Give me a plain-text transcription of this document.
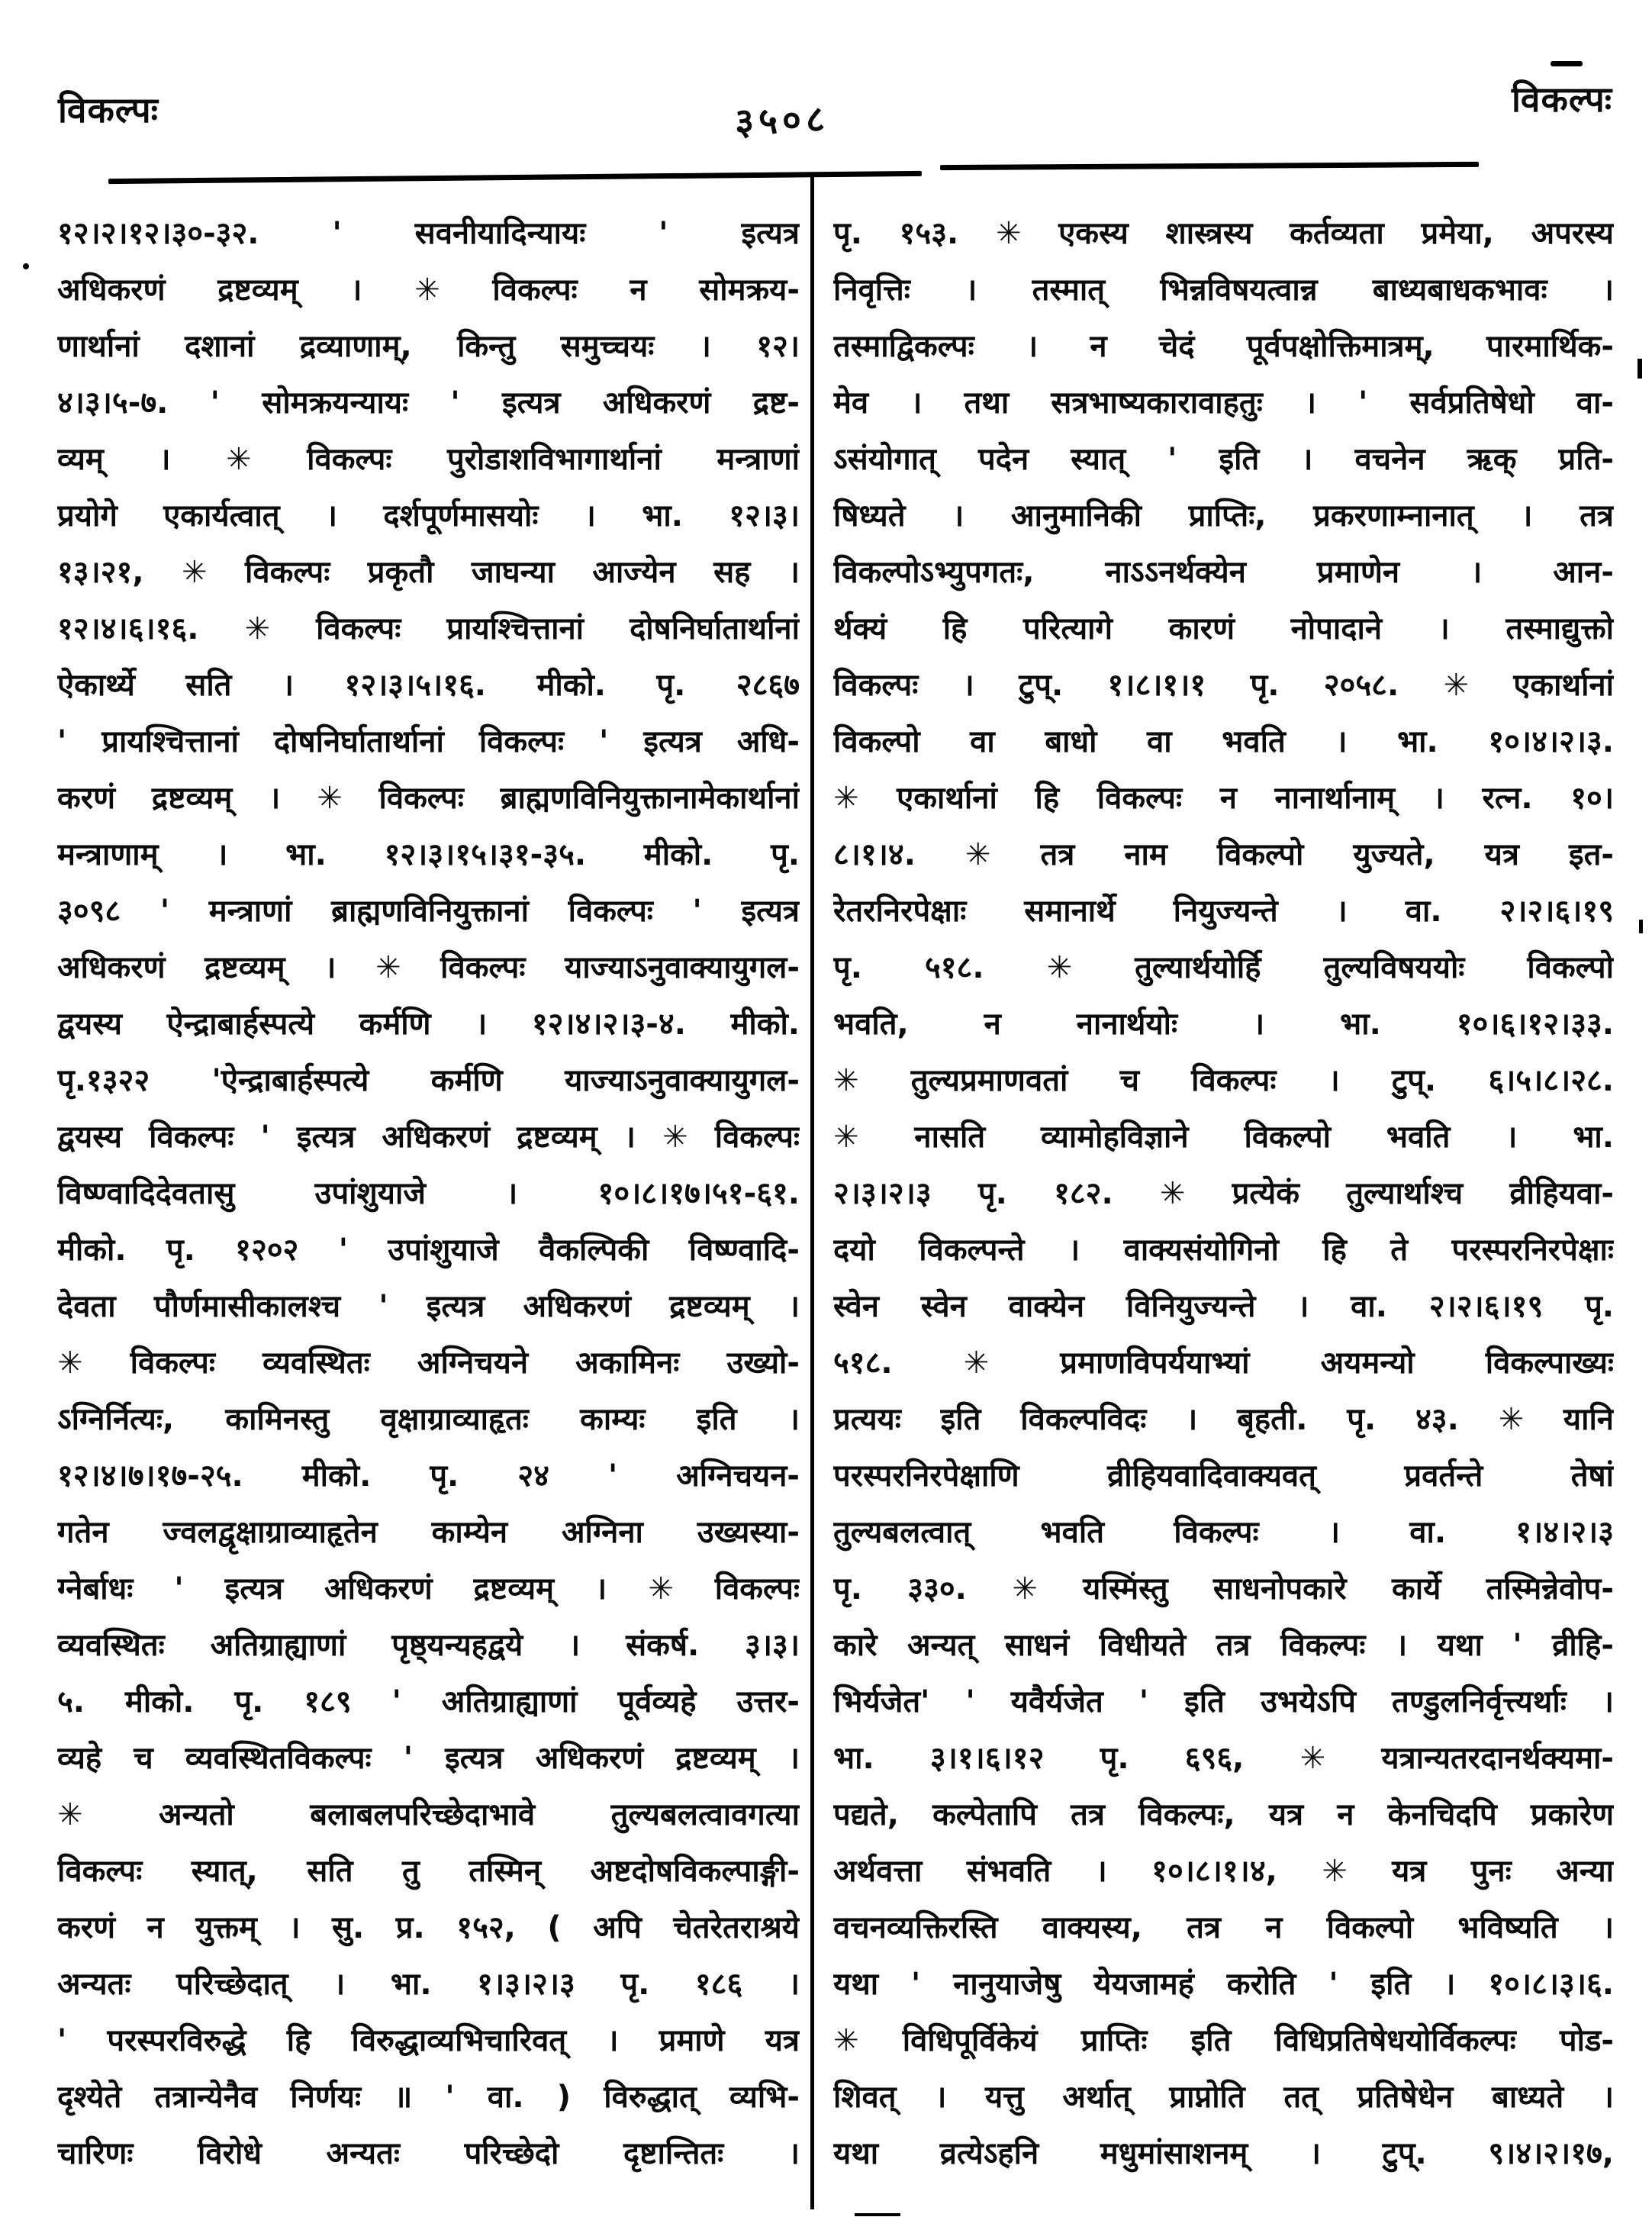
विकल्पः	३५०८	विकल्पः
१२।२।१२।३०-३२. ' सवनीयादिन्यायः ' इत्यत्र
अधिकरणं द्रष्टव्यम् । ✳ विकल्पः न सोमक्रय-
णार्थानां दशानां द्रव्याणाम्, किन्तु समुच्चयः । १२।
४।३।५-७. ' सोमक्रयन्यायः ' इत्यत्र अधिकरणं द्रष्ट-
व्यम् । ✳ विकल्पः पुरोडाशविभागार्थानां मन्त्राणां
प्रयोगे एकार्यत्वात् । दर्शपूर्णमासयोः । भा. १२।३।
१३।२१, ✳ विकल्पः प्रकृतौ जाघन्या आज्येन सह ।
१२।४।६।१६. ✳ विकल्पः प्रायश्चित्तानां दोषनिर्घातार्थानां
ऐकार्थ्ये सति । १२।३।५।१६. मीको. पृ. २८६७
' प्रायश्चित्तानां दोषनिर्घातार्थानां विकल्पः ' इत्यत्र अधि-
करणं द्रष्टव्यम् । ✳ विकल्पः ब्राह्मणविनियुक्तानामेकार्थानां
मन्त्राणाम् । भा. १२।३।१५।३१-३५. मीको. पृ.
३०९८ ' मन्त्राणां ब्राह्मणविनियुक्तानां विकल्पः ' इत्यत्र
अधिकरणं द्रष्टव्यम् । ✳ विकल्पः याज्याऽनुवाक्यायुगल-
द्वयस्य ऐन्द्राबार्हस्पत्ये कर्मणि । १२।४।२।३-४. मीको.
पृ.१३२२ 'ऐन्द्राबार्हस्पत्ये कर्मणि याज्याऽनुवाक्यायुगल-
द्वयस्य विकल्पः ' इत्यत्र अधिकरणं द्रष्टव्यम् । ✳ विकल्पः
विष्ण्वादिदेवतासु उपांशुयाजे । १०।८।१७।५१-६१.
मीको. पृ. १२०२ ' उपांशुयाजे वैकल्पिकी विष्ण्वादि-
देवता पौर्णमासीकालश्च ' इत्यत्र अधिकरणं द्रष्टव्यम् ।
✳ विकल्पः व्यवस्थितः अग्निचयने अकामिनः उख्यो-
ऽग्निर्नित्यः, कामिनस्तु वृक्षाग्राव्याहृतः काम्यः इति ।
१२।४।७।१७-२५. मीको. पृ. २४ ' अग्निचयन-
गतेन ज्वलद्वृक्षाग्राव्याहृतेन काम्येन अग्निना उख्यस्या-
ग्नेर्बाधः ' इत्यत्र अधिकरणं द्रष्टव्यम् । ✳ विकल्पः
व्यवस्थितः अतिग्राह्याणां पृष्ठ्यन्यहद्वये । संकर्ष. ३।३।
५. मीको. पृ. १८९ ' अतिग्राह्याणां पूर्वव्यहे उत्तर-
व्यहे च व्यवस्थितविकल्पः ' इत्यत्र अधिकरणं द्रष्टव्यम् ।
✳ अन्यतो बलाबलपरिच्छेदाभावे तुल्यबलत्वावगत्या
विकल्पः स्यात्, सति तु तस्मिन् अष्टदोषविकल्पाङ्गी-
करणं न युक्तम् । सु. प्र. १५२, ( अपि चेतरेतराश्रये
अन्यतः परिच्छेदात् । भा. १।३।२।३ पृ. १८६ ।
' परस्परविरुद्धे हि विरुद्धाव्यभिचारिवत् । प्रमाणे यत्र
दृश्येते तत्रान्येनैव निर्णयः ॥ ' वा. ) विरुद्धात् व्यभि-
चारिणः विरोधे अन्यतः परिच्छेदो दृष्टान्तितः ।
पृ. १५३. ✳ एकस्य शास्त्रस्य कर्तव्यता प्रमेया, अपरस्य
निवृत्तिः । तस्मात् भिन्नविषयत्वान्न बाध्यबाधकभावः ।
तस्माद्विकल्पः । न चेदं पूर्वपक्षोक्तिमात्रम्, पारमार्थिक-
मेव । तथा सत्रभाष्यकारावाहतुः । ' सर्वप्रतिषेधो वा-
ऽसंयोगात् पदेन स्यात् ' इति । वचनेन ऋक् प्रति-
षिध्यते । आनुमानिकी प्राप्तिः, प्रकरणाम्नानात् । तत्र
विकल्पोऽभ्युपगतः, नाऽऽनर्थक्येन प्रमाणेन । आन-
र्थक्यं हि परित्यागे कारणं नोपादाने । तस्माद्युक्तो
विकल्पः । टुप्. १।८।१।१ पृ. २०५८. ✳ एकार्थानां
विकल्पो वा बाधो वा भवति । भा. १०।४।२।३.
✳ एकार्थानां हि विकल्पः न नानार्थानाम् । रत्न. १०।
८।१।४. ✳ तत्र नाम विकल्पो युज्यते, यत्र इत-
रेतरनिरपेक्षाः समानार्थे नियुज्यन्ते । वा. २।२।६।१९
पृ. ५१८. ✳ तुल्यार्थयोर्हि तुल्यविषययोः विकल्पो
भवति, न नानार्थयोः । भा. १०।६।१२।३३.
✳ तुल्यप्रमाणवतां च विकल्पः । टुप्. ६।५।८।२८.
✳ नासति व्यामोहविज्ञाने विकल्पो भवति । भा.
२।३।२।३ पृ. १८२. ✳ प्रत्येकं तुल्यार्थाश्च व्रीहियवा-
दयो विकल्पन्ते । वाक्यसंयोगिनो हि ते परस्परनिरपेक्षाः
स्वेन स्वेन वाक्येन विनियुज्यन्ते । वा. २।२।६।१९ पृ.
५१८. ✳ प्रमाणविपर्ययाभ्यां अयमन्यो विकल्पाख्यः
प्रत्ययः इति विकल्पविदः । बृहती. पृ. ४३. ✳ यानि
परस्परनिरपेक्षाणि व्रीहियवादिवाक्यवत् प्रवर्तन्ते तेषां
तुल्यबलत्वात् भवति विकल्पः । वा. १।४।२।३
पृ. ३३०. ✳ यस्मिंस्तु साधनोपकारे कार्ये तस्मिन्नेवोप-
कारे अन्यत् साधनं विधीयते तत्र विकल्पः । यथा ' व्रीहि-
भिर्यजेत' ' यवैर्यजेत ' इति उभयेऽपि तण्डुलनिर्वृत्त्यर्थाः ।
भा. ३।१।६।१२ पृ. ६९६, ✳ यत्रान्यतरदानर्थक्यमा-
पद्यते, कल्पेतापि तत्र विकल्पः, यत्र न केनचिदपि प्रकारेण
अर्थवत्ता संभवति । १०।८।१।४, ✳ यत्र पुनः अन्या
वचनव्यक्तिरस्ति वाक्यस्य, तत्र न विकल्पो भविष्यति ।
यथा ' नानुयाजेषु येयजामहं करोति ' इति । १०।८।३।६.
✳ विधिपूर्विकेयं प्राप्तिः इति विधिप्रतिषेधयोर्विकल्पः पोड-
शिवत् । यत्तु अर्थात् प्राप्नोति तत् प्रतिषेधेन बाध्यते ।
यथा व्रत्येऽहनि मधुमांसाशनम् । टुप्. ९।४।२।१७,
